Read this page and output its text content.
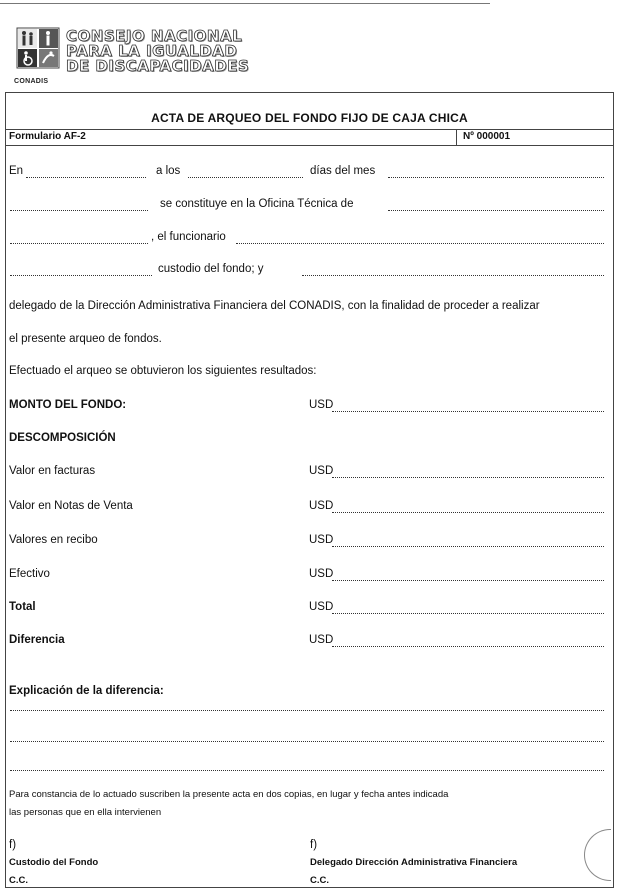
CONADIS
CONSEJO NACIONAL
PARA LA IGUALDAD
DE DISCAPACIDADES
ACTA DE ARQUEO DEL FONDO FIJO DE CAJA CHICA
Formulario AF-2	Nº 000001
En	a los	días del mes
se constituye en la Oficina Técnica de
, el funcionario
custodio del fondo; y
delegado de la Dirección Administrativa Financiera del CONADIS, con la finalidad de proceder a realizar
el presente arqueo de fondos.
Efectuado el arqueo se obtuvieron los siguientes resultados:
MONTO DEL FONDO:	USD
DESCOMPOSICIÓN
Valor en facturas	USD
Valor en Notas de Venta	USD
Valores en recibo	USD
Efectivo	USD
Total	USD
Diferencia	USD
Explicación de la diferencia:
Para constancia de lo actuado suscriben la presente acta en dos copias, en lugar y fecha antes indicada
las personas que en ella intervienen
f)
Custodio del Fondo
C.C.
f)
Delegado Dirección Administrativa Financiera
C.C.
